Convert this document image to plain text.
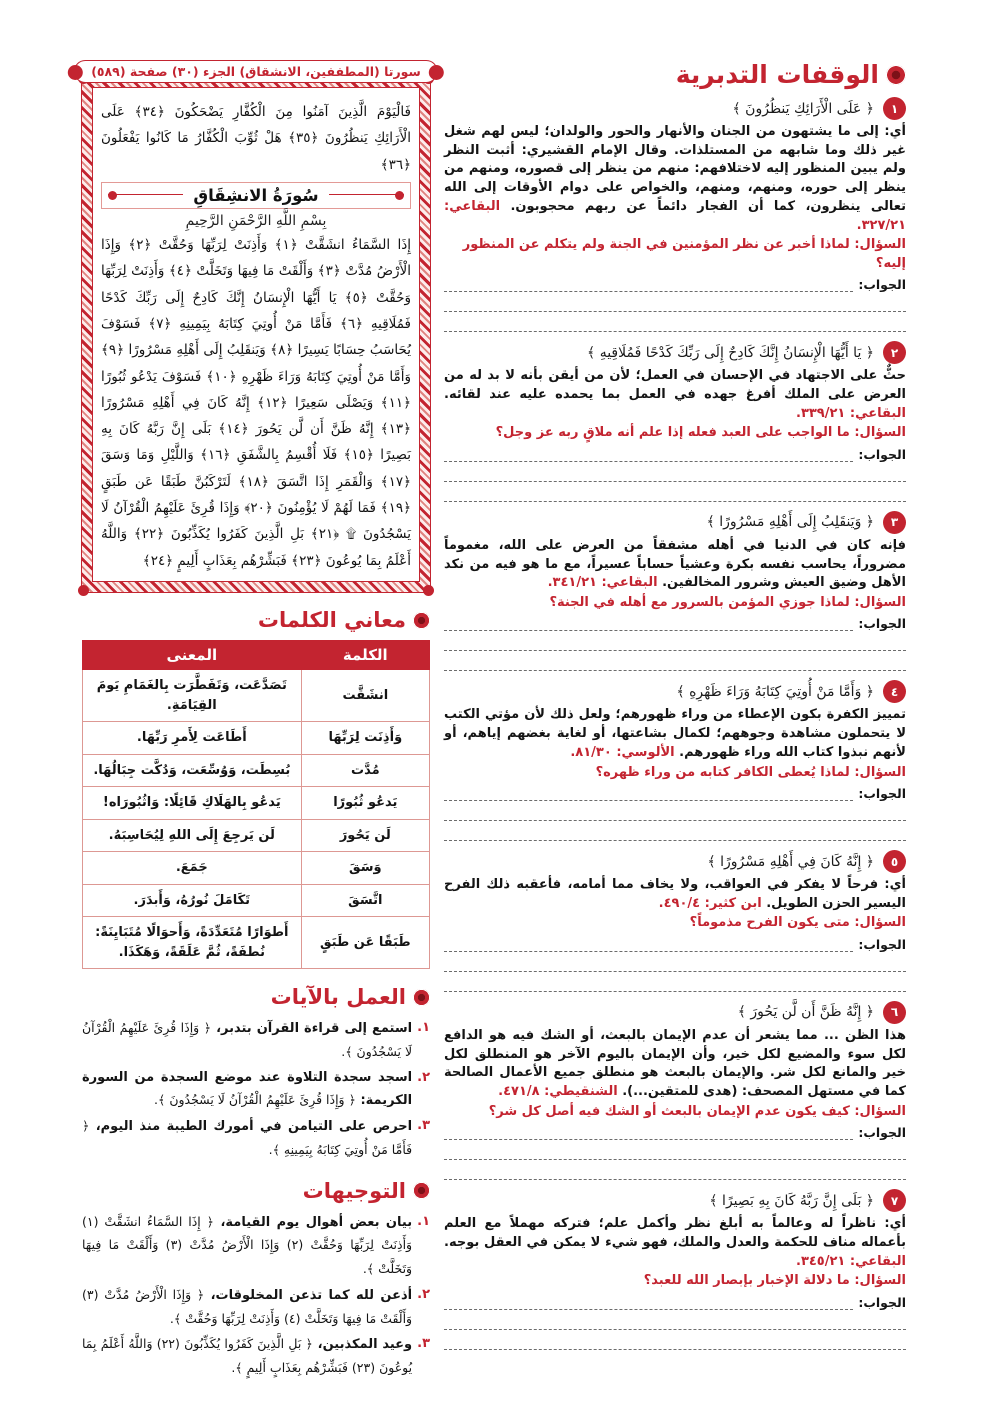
الوقفات التدبرية
١
﴿ عَلَى الْأَرَائِكِ يَنظُرُونَ ﴾
أي: إلى ما يشتهون من الجنان والأنهار والحور والولدان؛ ليس لهم شغل غير ذلك وما شابهه من المستلذات. وقال الإمام القشيري: أثبت النظر ولم يبين المنظور إليه لاختلافهم: منهم من ينظر إلى قصوره، ومنهم من ينظر إلى حوره، ومنهم، ومنهم، والخواص على دوام الأوقات إلى الله تعالى ينظرون، كما أن الفجار دائماً عن ربهم محجوبون. البقاعي: ٣٢٧/٢١.
السؤال: لماذا أخبر عن نظر المؤمنين في الجنة ولم يتكلم عن المنظور إليه؟
الجواب:
٢
﴿ يَا أَيُّهَا الْإِنسَانُ إِنَّكَ كَادِحٌ إِلَى رَبِّكَ كَدْحًا فَمُلَاقِيهِ ﴾
حثٌّ على الاجتهاد في الإحسان في العمل؛ لأن من أيقن بأنه لا بد له من العرض على الملك أفرغ جهده في العمل بما يحمده عليه عند لقائه. البقاعي: ٣٣٩/٢١.
السؤال: ما الواجب على العبد فعله إذا علم أنه ملاقٍ ربه عز وجل؟
الجواب:
٣
﴿ وَيَنقَلِبُ إِلَى أَهْلِهِ مَسْرُورًا ﴾
فإنه كان في الدنيا في أهله مشفقاً من العرض على الله، مغموماً مضروراً، يحاسب نفسه بكرة وعشياً حساباً عسيراً، مع ما هو فيه من نكد الأهل وضيق العيش وشرور المخالفين. البقاعي: ٣٤١/٢١.
السؤال: لماذا جوزي المؤمن بالسرور مع أهله في الجنة؟
الجواب:
٤
﴿ وَأَمَّا مَنْ أُوتِيَ كِتَابَهُ وَرَاءَ ظَهْرِهِ ﴾
تمييز الكفرة بكون الإعطاء من وراء ظهورهم؛ ولعل ذلك لأن مؤتي الكتب لا يتحملون مشاهدة وجوههم؛ لكمال بشاعتها، أو لغاية بغضهم إياهم، أو لأنهم نبذوا كتاب الله وراء ظهورهم. الألوسي: ٨١/٣٠.
السؤال: لماذا يُعطى الكافر كتابه من وراء ظهره؟
الجواب:
٥
﴿ إِنَّهُ كَانَ فِي أَهْلِهِ مَسْرُورًا ﴾
أي: فرحاً لا يفكر في العواقب، ولا يخاف مما أمامه، فأعقبه ذلك الفرح اليسير الحزن الطويل. ابن كثير: ٤٩٠/٤.
السؤال: متى يكون الفرح مذموماً؟
الجواب:
٦
﴿ إِنَّهُ ظَنَّ أَن لَّن يَحُورَ ﴾
هذا الظن ... مما يشعر أن عدم الإيمان بالبعث، أو الشك فيه هو الدافع لكل سوء والمضيع لكل خير، وأن الإيمان باليوم الآخر هو المنطلق لكل خير والمانع لكل شر. والإيمان بالبعث هو منطلق جميع الأعمال الصالحة كما في مستهل المصحف: (هدى للمتقين...). الشنقيطي: ٤٧١/٨.
السؤال: كيف يكون عدم الإيمان بالبعث أو الشك فيه أصل كل شر؟
الجواب:
٧
﴿ بَلَى إِنَّ رَبَّهُ كَانَ بِهِ بَصِيرًا ﴾
أي: ناظراً له وعالماً به أبلغ نظر وأكمل علم؛ فتركه مهملاً مع العلم بأعماله مناف للحكمة والعدل والملك، فهو شيء لا يمكن في العقل بوجه. البقاعي: ٣٤٥/٢١.
السؤال: ما دلالة الإخبار بإبصار الله للعبد؟
الجواب:
سورتا (المطففين، الانشقاق) الجزء (٣٠) صفحة (٥٨٩)
فَالْيَوْمَ الَّذِينَ آمَنُوا مِنَ الْكُفَّارِ يَضْحَكُونَ ﴿٣٤﴾ عَلَى الْأَرَائِكِ يَنظُرُونَ ﴿٣٥﴾ هَلْ ثُوِّبَ الْكُفَّارُ مَا كَانُوا يَفْعَلُونَ ﴿٣٦﴾
سُورَةُ الانشِقَاقِ
بِسْمِ اللَّهِ الرَّحْمَنِ الرَّحِيمِ
إِذَا السَّمَاءُ انشَقَّتْ ﴿١﴾ وَأَذِنَتْ لِرَبِّهَا وَحُقَّتْ ﴿٢﴾ وَإِذَا الْأَرْضُ مُدَّتْ ﴿٣﴾ وَأَلْقَتْ مَا فِيهَا وَتَخَلَّتْ ﴿٤﴾ وَأَذِنَتْ لِرَبِّهَا وَحُقَّتْ ﴿٥﴾ يَا أَيُّهَا الْإِنسَانُ إِنَّكَ كَادِحٌ إِلَى رَبِّكَ كَدْحًا فَمُلَاقِيهِ ﴿٦﴾ فَأَمَّا مَنْ أُوتِيَ كِتَابَهُ بِيَمِينِهِ ﴿٧﴾ فَسَوْفَ يُحَاسَبُ حِسَابًا يَسِيرًا ﴿٨﴾ وَيَنقَلِبُ إِلَى أَهْلِهِ مَسْرُورًا ﴿٩﴾ وَأَمَّا مَنْ أُوتِيَ كِتَابَهُ وَرَاءَ ظَهْرِهِ ﴿١٠﴾ فَسَوْفَ يَدْعُو ثُبُورًا ﴿١١﴾ وَيَصْلَى سَعِيرًا ﴿١٢﴾ إِنَّهُ كَانَ فِي أَهْلِهِ مَسْرُورًا ﴿١٣﴾ إِنَّهُ ظَنَّ أَن لَّن يَحُورَ ﴿١٤﴾ بَلَى إِنَّ رَبَّهُ كَانَ بِهِ بَصِيرًا ﴿١٥﴾ فَلَا أُقْسِمُ بِالشَّفَقِ ﴿١٦﴾ وَاللَّيْلِ وَمَا وَسَقَ ﴿١٧﴾ وَالْقَمَرِ إِذَا اتَّسَقَ ﴿١٨﴾ لَتَرْكَبُنَّ طَبَقًا عَن طَبَقٍ ﴿١٩﴾ فَمَا لَهُمْ لَا يُؤْمِنُونَ ﴿٢٠﴾ وَإِذَا قُرِئَ عَلَيْهِمُ الْقُرْآنُ لَا يَسْجُدُونَ ۩ ﴿٢١﴾ بَلِ الَّذِينَ كَفَرُوا يُكَذِّبُونَ ﴿٢٢﴾ وَاللَّهُ أَعْلَمُ بِمَا يُوعُونَ ﴿٢٣﴾ فَبَشِّرْهُم بِعَذَابٍ أَلِيمٍ ﴿٢٤﴾
معاني الكلمات
الكلمة	المعنى
انشَقَّت	تَصَدَّعَت، وَتَفَطَّرَت بِالغَمَامِ يَومَ القِيَامَةِ.
وَأَذِنَت لِرَبِّهَا	أَطَاعَت لِأَمرِ رَبِّهَا.
مُدَّت	بُسِطَت، وَوُسِّعَت، وَدُكَّت جِبَالُهَا.
يَدعُو ثُبُورًا	يَدعُو بِالهَلَاكِ قَائِلًا: وَاثُبُورَاه!
لَن يَحُورَ	لَن يَرجِعَ إِلَى اللهِ لِيُحَاسِبَهُ.
وَسَقَ	جَمَعَ.
اتَّسَقَ	تَكَامَلَ نُورُهُ، وَأَبدَرَ.
طَبَقًا عَن طَبَقٍ	أَطوَارًا مُتَعَدِّدَةً، وَأَحوَالًا مُتَبَايِنَةً: نُطفَةً، ثُمَّ عَلَقَةً، وَهَكَذَا.
العمل بالآيات
١.
استمع إلى قراءة القرآن بتدبر، ﴿ وَإِذَا قُرِئَ عَلَيْهِمُ الْقُرْآنُ لَا يَسْجُدُونَ ﴾.
٢.
اسجد سجدة التلاوة عند موضع السجدة من السورة الكريمة: ﴿ وَإِذَا قُرِئَ عَلَيْهِمُ الْقُرْآنُ لَا يَسْجُدُونَ ﴾.
٣.
احرص على التيامن في أمورك الطيبة منذ اليوم، ﴿ فَأَمَّا مَنْ أُوتِيَ كِتَابَهُ بِيَمِينِهِ ﴾.
التوجيهات
١.
بيان بعض أهوال يوم القيامة، ﴿ إِذَا السَّمَاءُ انشَقَّتْ (١) وَأَذِنَتْ لِرَبِّهَا وَحُقَّتْ (٢) وَإِذَا الْأَرْضُ مُدَّتْ (٣) وَأَلْقَتْ مَا فِيهَا وَتَخَلَّتْ ﴾.
٢.
أذعن لله كما تذعن المخلوقات، ﴿ وَإِذَا الْأَرْضُ مُدَّتْ (٣) وَأَلْقَتْ مَا فِيهَا وَتَخَلَّتْ (٤) وَأَذِنَتْ لِرَبِّهَا وَحُقَّتْ ﴾.
٣.
وعيد المكذبين، ﴿ بَلِ الَّذِينَ كَفَرُوا يُكَذِّبُونَ (٢٢) وَاللَّهُ أَعْلَمُ بِمَا يُوعُونَ (٢٣) فَبَشِّرْهُم بِعَذَابٍ أَلِيمٍ ﴾.
